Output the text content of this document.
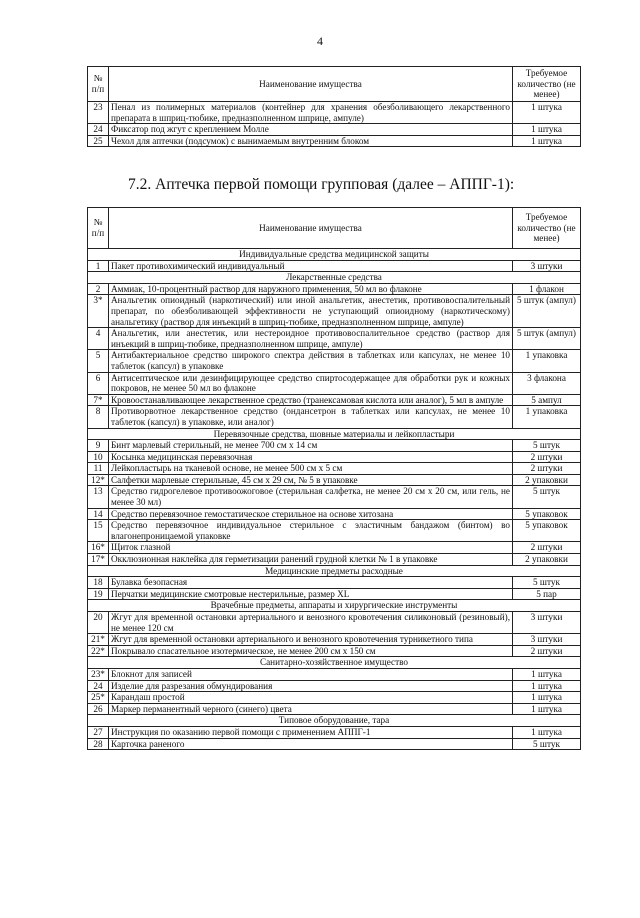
4
№ п/п	Наименование имущества	Требуемое количество (не менее)
23	Пенал из полимерных материалов (контейнер для хранения обезболивающего лекарственного препарата в шприц-тюбике, предназполненном шприце, ампуле)	1 штука
24	Фиксатор под жгут с креплением Молле	1 штука
25	Чехол для аптечки (подсумок) с вынимаемым внутренним блоком	1 штука
7.2. Аптечка первой помощи групповая (далее – АППГ-1):
№ п/п	Наименование имущества	Требуемое количество (не менее)
Индивидуальные средства медицинской защиты		
1	Пакет противохимический индивидуальный	3 штуки
Лекарственные средства		
2	Аммиак, 10-процентный раствор для наружного применения, 50 мл во флаконе	1 флакон
3*	Анальгетик опиоидный (наркотический) или иной анальгетик, анестетик, противовоспалительный препарат, по обезболивающей эффективности не уступающий опиоидному (наркотическому) анальгетику (раствор для инъекций в шприц-тюбике, предназполненном шприце, ампуле)	5 штук (ампул)
4	Анальгетик, или анестетик, или нестероидное противовоспалительное средство (раствор для инъекций в шприц-тюбике, предназполненном шприце, ампуле)	5 штук (ампул)
5	Антибактериальное средство широкого спектра действия в таблетках или капсулах, не менее 10 таблеток (капсул) в упаковке	1 упаковка
6	Антисептическое или дезинфицирующее средство спиртосодержащее для обработки рук и кожных покровов, не менее 50 мл во флаконе	3 флакона
7*	Кровоостанавливающее лекарственное средство (транексамовая кислота или аналог), 5 мл в ампуле	5 ампул
8	Противорвотное лекарственное средство (ондансетрон в таблетках или капсулах, не менее 10 таблеток (капсул) в упаковке, или аналог)	1 упаковка
Перевязочные средства, шовные материалы и лейкопластыри		
9	Бинт марлевый стерильный, не менее 700 см x 14 см	5 штук
10	Косынка медицинская перевязочная	2 штуки
11	Лейкопластырь на тканевой основе, не менее 500 см x 5 см	2 штуки
12*	Салфетки марлевые стерильные, 45 см x 29 см, № 5 в упаковке	2 упаковки
13	Средство гидрогелевое противоожоговое (стерильная салфетка, не менее 20 см x 20 см, или гель, не менее 30 мл)	5 штук
14	Средство перевязочное гемостатическое стерильное на основе хитозана	5 упаковок
15	Средство перевязочное индивидуальное стерильное с эластичным бандажом (бинтом) во влагонепроницаемой упаковке	5 упаковок
16*	Щиток глазной	2 штуки
17*	Окклюзионная наклейка для герметизации ранений грудной клетки № 1 в упаковке	2 упаковки
Медицинские предметы расходные		
18	Булавка безопасная	5 штук
19	Перчатки медицинские смотровые нестерильные, размер XL	5 пар
Врачебные предметы, аппараты и хирургические инструменты		
20	Жгут для временной остановки артериального и венозного кровотечения силиконовый (резиновый), не менее 120 см	3 штуки
21*	Жгут для временной остановки артериального и венозного кровотечения турникетного типа	3 штуки
22*	Покрывало спасательное изотермическое, не менее 200 см x 150 см	2 штуки
Санитарно-хозяйственное имущество		
23*	Блокнот для записей	1 штука
24	Изделие для разрезания обмундирования	1 штука
25*	Карандаш простой	1 штука
26	Маркер перманентный черного (синего) цвета	1 штука
Типовое оборудование, тара		
27	Инструкция по оказанию первой помощи с применением АППГ-1	1 штука
28	Карточка раненого	5 штук
